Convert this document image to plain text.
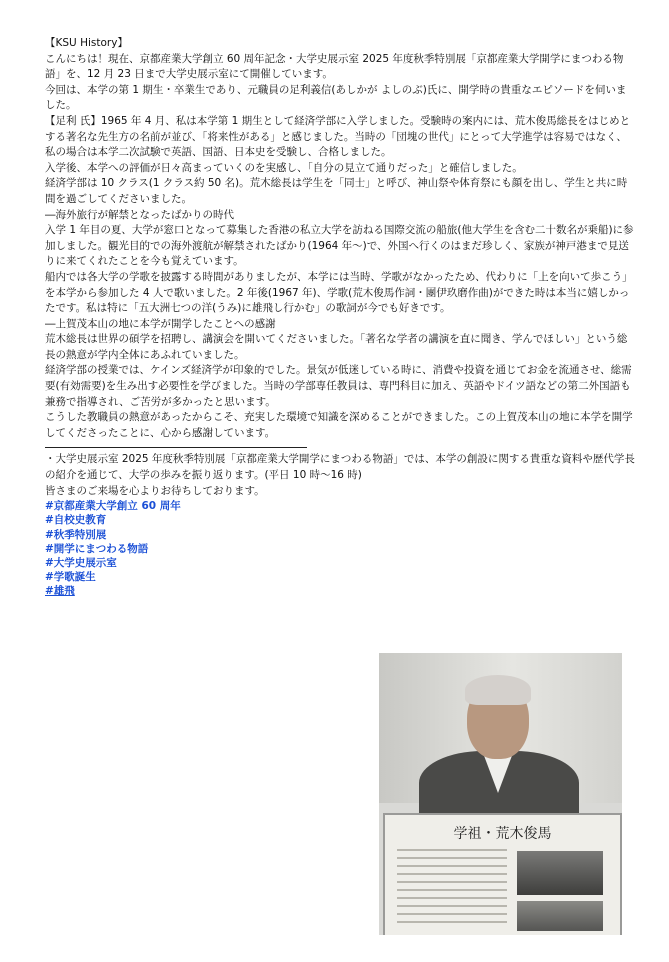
【KSU History】

こんにちは！現在、京都産業大学創立 60 周年記念・大学史展示室 2025 年度秋季特別展「京都産業大学開学にまつわる物語」を、12 月 23 日まで大学史展示室にて開催しています。

今回は、本学の第 1 期生・卒業生であり、元職員の足利義信(あしかが よしのぶ)氏に、開学時の貴重なエピソードを伺いました。

【足利 氏】1965 年 4 月、私は本学第 1 期生として経済学部に入学しました。受験時の案内には、荒木俊馬総長をはじめとする著名な先生方の名前が並び、「将来性がある」と感じました。当時の「団塊の世代」にとって大学進学は容易ではなく、私の場合は本学二次試験で英語、国語、日本史を受験し、合格しました。

入学後、本学への評価が日々高まっていくのを実感し、「自分の見立て通りだった」と確信しました。

経済学部は 10 クラス(1 クラス約 50 名)。荒木総長は学生を「同士」と呼び、神山祭や体育祭にも顔を出し、学生と共に時間を過ごしてくださいました。

―海外旅行が解禁となったばかりの時代

入学 1 年目の夏、大学が窓口となって募集した香港の私立大学を訪ねる国際交流の船旅(他大学生を含む二十数名が乗船)に参加しました。観光目的での海外渡航が解禁されたばかり(1964 年〜)で、外国へ行くのはまだ珍しく、家族が神戸港まで見送りに来てくれたことを今も覚えています。

船内では各大学の学歌を披露する時間がありましたが、本学には当時、学歌がなかったため、代わりに「上を向いて歩こう」を本学から参加した 4 人で歌いました。2 年後(1967 年)、学歌(荒木俊馬作詞・團伊玖磨作曲)ができた時は本当に嬉しかったです。私は特に「五大洲七つの洋(うみ)に雄飛し行かむ」の歌詞が今でも好きです。

―上賀茂本山の地に本学が開学したことへの感謝

荒木総長は世界の碩学を招聘し、講演会を開いてくださいました。「著名な学者の講演を直に聞き、学んでほしい」という総長の熱意が学内全体にあふれていました。

経済学部の授業では、ケインズ経済学が印象的でした。景気が低迷している時に、消費や投資を通じてお金を流通させ、総需要(有効需要)を生み出す必要性を学びました。当時の学部専任教員は、専門科目に加え、英語やドイツ語などの第二外国語も兼務で指導され、ご苦労が多かったと思います。

こうした教職員の熱意があったからこそ、充実した環境で知識を深めることができました。この上賀茂本山の地に本学を開学してくださったことに、心から感謝しています。

・大学史展示室 2025 年度秋季特別展「京都産業大学開学にまつわる物語」では、本学の創設に関する貴重な資料や歴代学長の紹介を通じて、大学の歩みを振り返ります。(平日 10 時〜16 時)

皆さまのご来場を心よりお待ちしております。

#京都産業大学創立 60 周年
#自校史教育
#秋季特別展
#開学にまつわる物語
#大学史展示室
#学歌誕生
#雄飛
学祖・荒木俊馬
